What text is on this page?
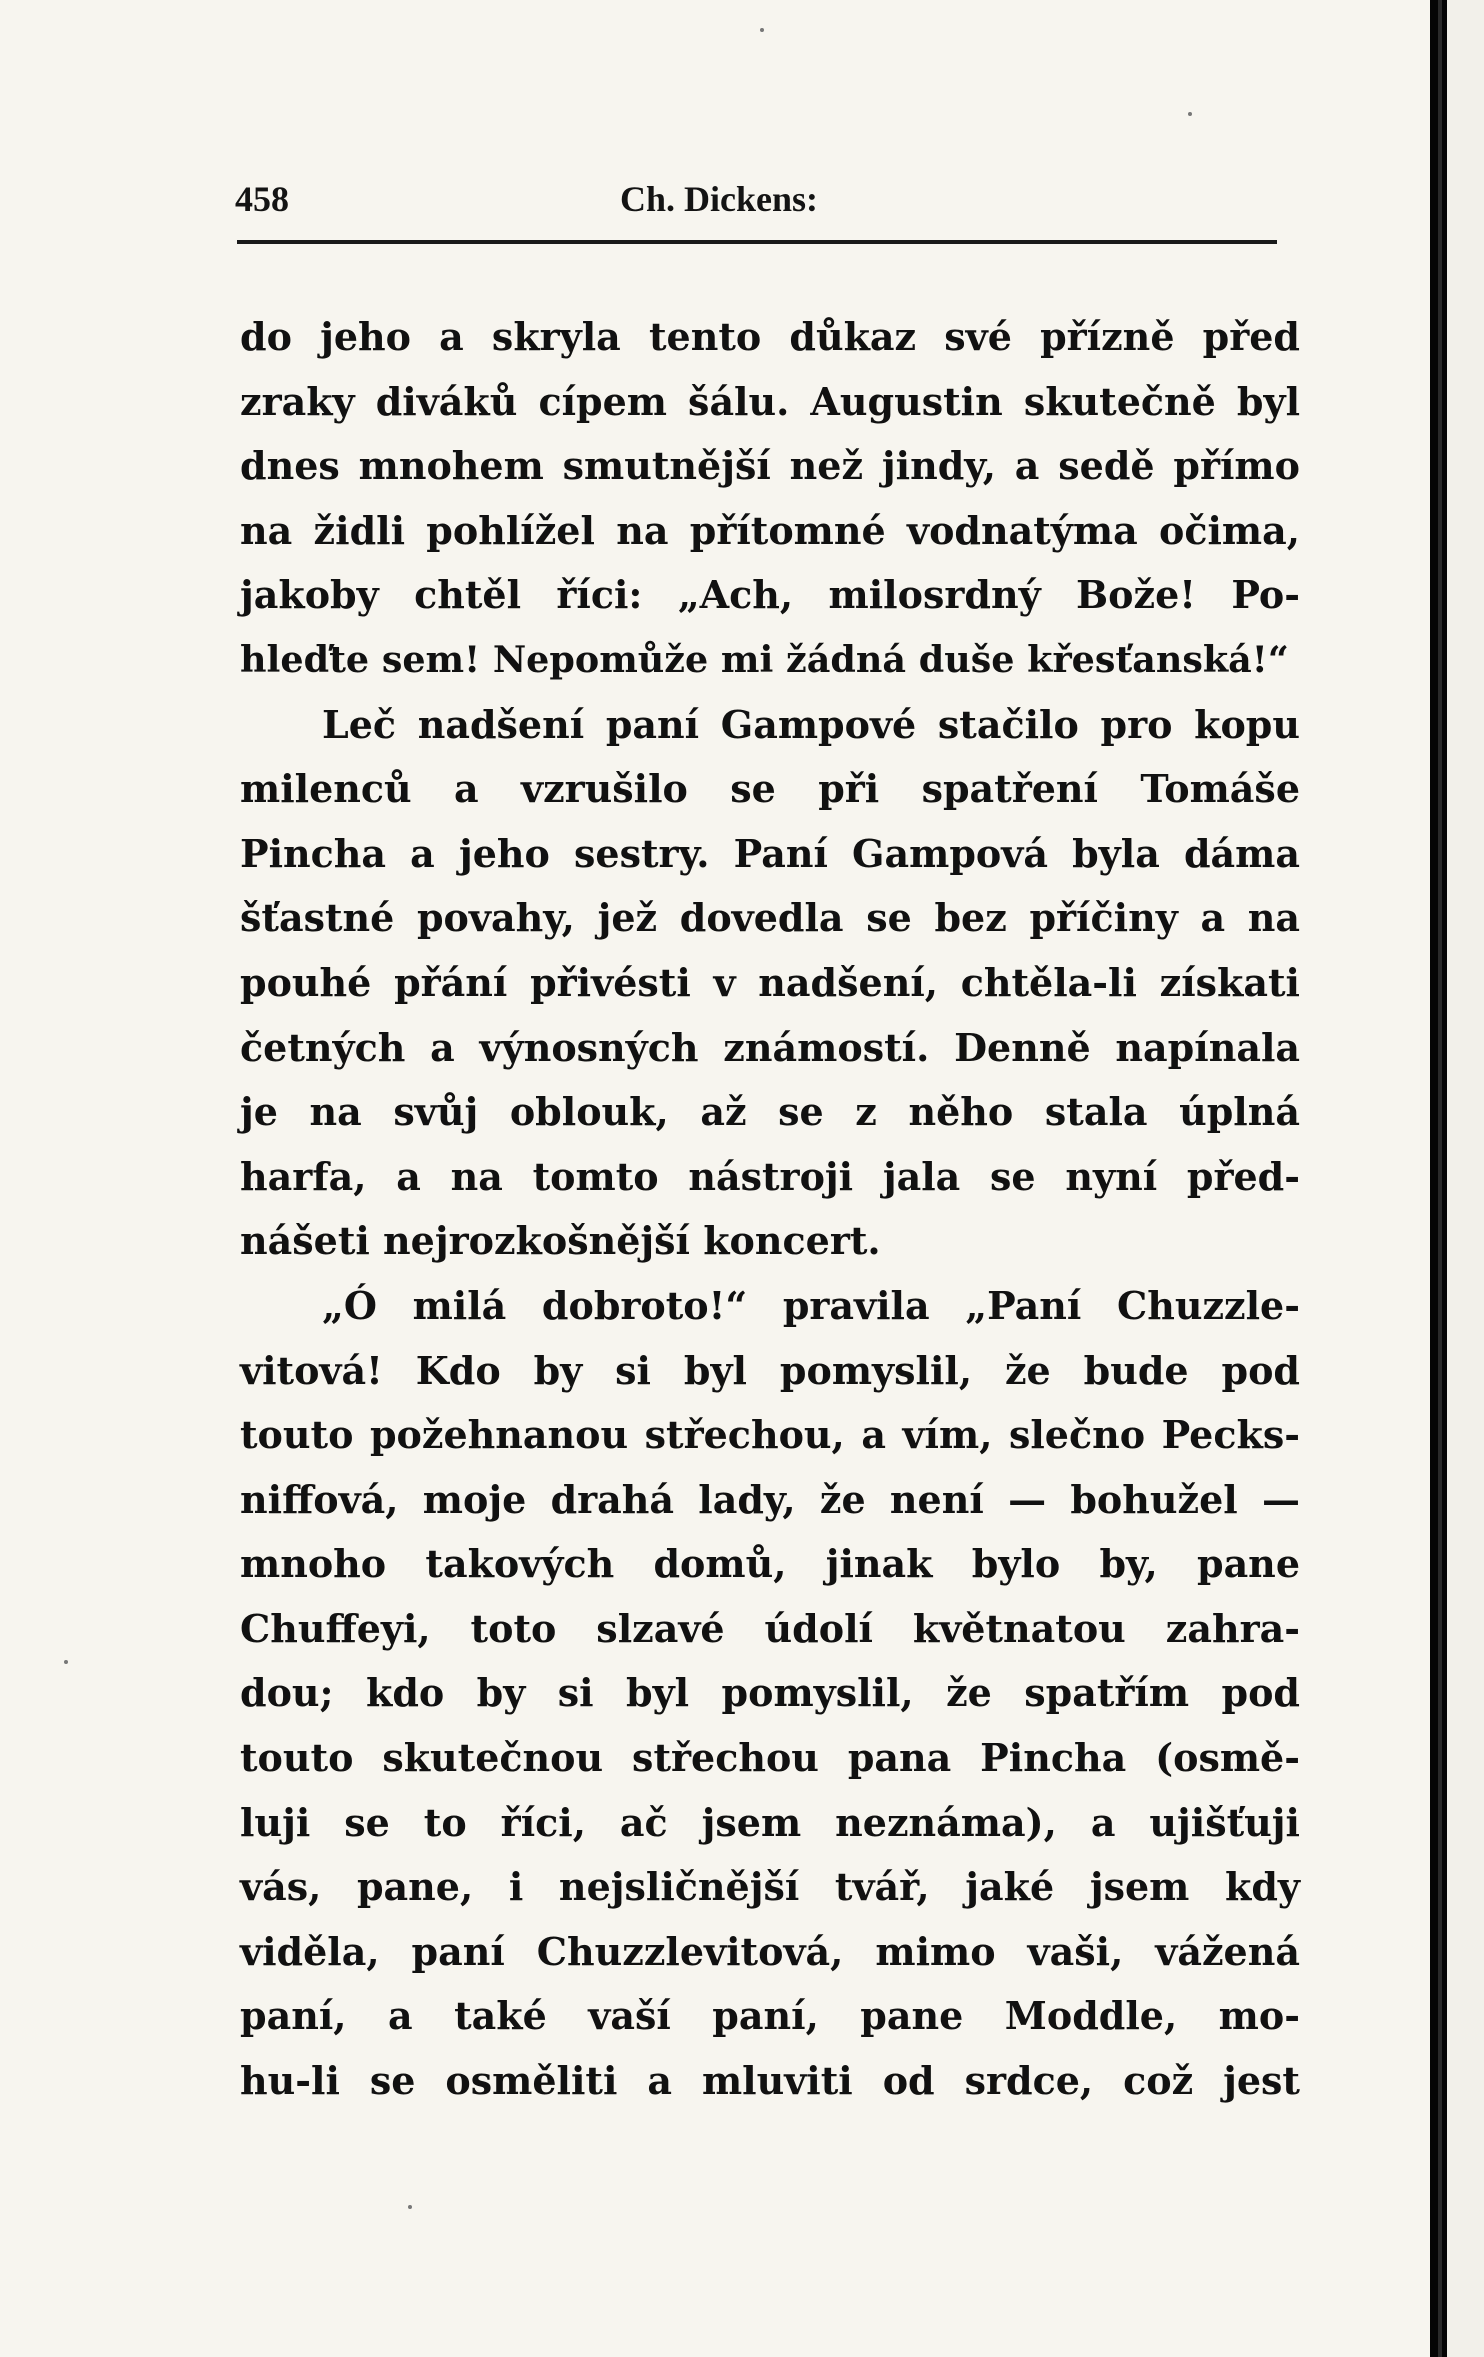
458	Ch. Dickens:
do jeho a skryla tento důkaz své přízně před
zraky diváků cípem šálu. Augustin skutečně byl
dnes mnohem smutnější než jindy, a sedě přímo
na židli pohlížel na přítomné vodnatýma očima,
jakoby chtěl říci: „Ach, milosrdný Bože! Po-
hleďte sem! Nepomůže mi žádná duše křesťanská!“
Leč nadšení paní Gampové stačilo pro kopu
milenců a vzrušilo se při spatření Tomáše
Pincha a jeho sestry. Paní Gampová byla dáma
šťastné povahy, jež dovedla se bez příčiny a na
pouhé přání přivésti v nadšení, chtěla-li získati
četných a výnosných známostí. Denně napínala
je na svůj oblouk, až se z něho stala úplná
harfa, a na tomto nástroji jala se nyní před-
nášeti nejrozkošnější koncert.
„Ó milá dobroto!“ pravila „Paní Chuzzle-
vitová! Kdo by si byl pomyslil, že bude pod
touto požehnanou střechou, a vím, slečno Pecks-
niffová, moje drahá lady, že není — bohužel —
mnoho takových domů, jinak bylo by, pane
Chuffeyi, toto slzavé údolí květnatou zahra-
dou; kdo by si byl pomyslil, že spatřím pod
touto skutečnou střechou pana Pincha (osmě-
luji se to říci, ač jsem neznáma), a ujišťuji
vás, pane, i nejsličnější tvář, jaké jsem kdy
viděla, paní Chuzzlevitová, mimo vaši, vážená
paní, a také vaší paní, pane Moddle, mo-
hu-li se osměliti a mluviti od srdce, což jest
